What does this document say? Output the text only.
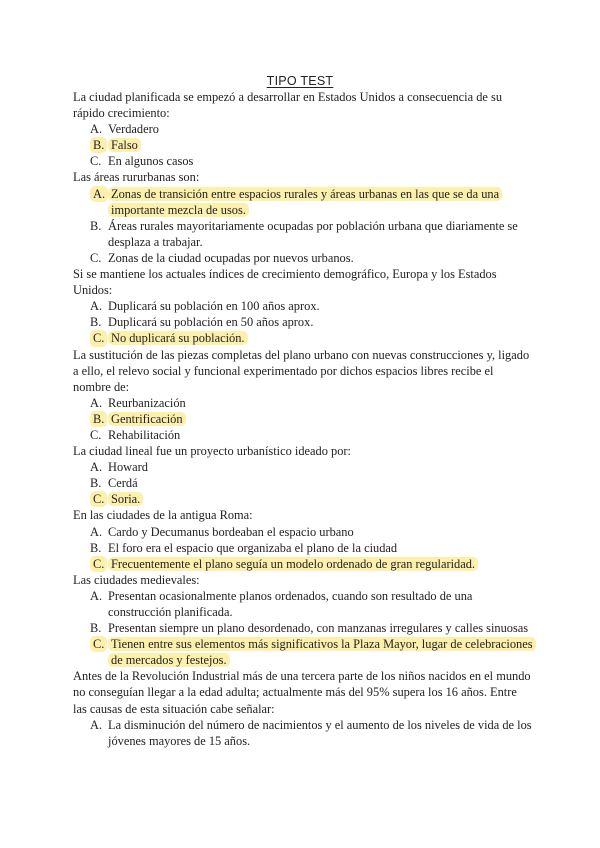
TIPO TEST

La ciudad planificada se empezó a desarrollar en Estados Unidos a consecuencia de su rápido crecimiento:

A. Verdadero
B. Falso
C. En algunos casos

Las áreas rururbanas son:

A. Zonas de transición entre espacios rurales y áreas urbanas en las que se da una importante mezcla de usos.
B. Áreas rurales mayoritariamente ocupadas por población urbana que diariamente se desplaza a trabajar.
C. Zonas de la ciudad ocupadas por nuevos urbanos.

Si se mantiene los actuales índices de crecimiento demográfico, Europa y los Estados Unidos:

A. Duplicará su población en 100 años aprox.
B. Duplicará su población en 50 años aprox.
C. No duplicará su población.

La sustitución de las piezas completas del plano urbano con nuevas construcciones y, ligado a ello, el relevo social y funcional experimentado por dichos espacios libres recibe el nombre de:

A. Reurbanización
B. Gentrificación
C. Rehabilitación

La ciudad lineal fue un proyecto urbanístico ideado por:

A. Howard
B. Cerdá
C. Soria.

En las ciudades de la antigua Roma:

A. Cardo y Decumanus bordeaban el espacio urbano
B. El foro era el espacio que organizaba el plano de la ciudad
C. Frecuentemente el plano seguía un modelo ordenado de gran regularidad.

Las ciudades medievales:

A. Presentan ocasionalmente planos ordenados, cuando son resultado de una construcción planificada.
B. Presentan siempre un plano desordenado, con manzanas irregulares y calles sinuosas
C. Tienen entre sus elementos más significativos la Plaza Mayor, lugar de celebraciones de mercados y festejos.

Antes de la Revolución Industrial más de una tercera parte de los niños nacidos en el mundo no conseguían llegar a la edad adulta; actualmente más del 95% supera los 16 años. Entre las causas de esta situación cabe señalar:

A. La disminución del número de nacimientos y el aumento de los niveles de vida de los jóvenes mayores de 15 años.
